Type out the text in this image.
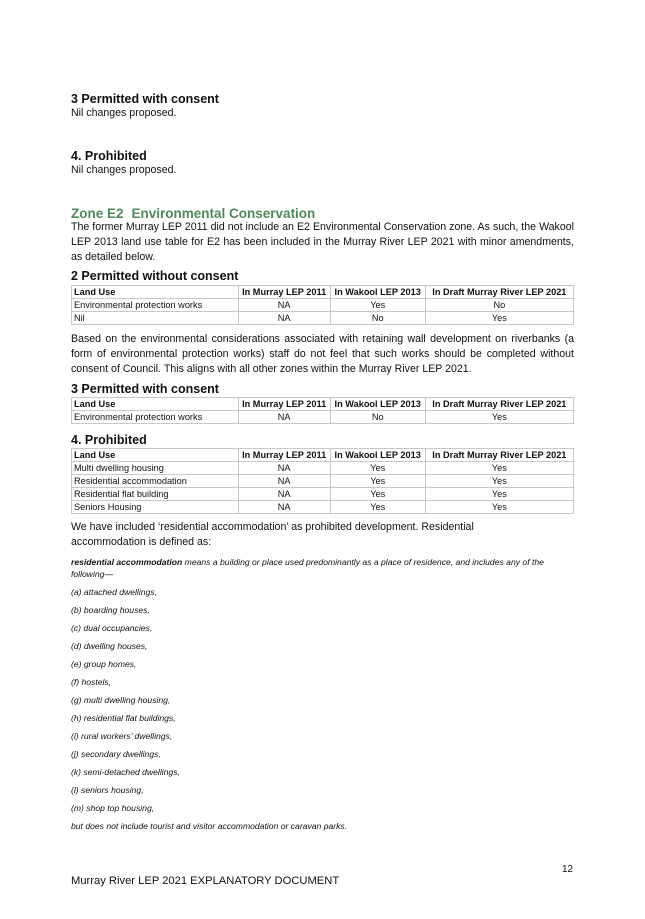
3 Permitted with consent

Nil changes proposed.

4. Prohibited

Nil changes proposed.

Zone E2 Environmental Conservation

The former Murray LEP 2011 did not include an E2 Environmental Conservation zone. As such, the Wakool LEP 2013 land use table for E2 has been included in the Murray River LEP 2021 with minor amendments, as detailed below.

2 Permitted without consent

Land Use	In Murray LEP 2011	In Wakool LEP 2013	In Draft Murray River LEP 2021
Environmental protection works	NA	Yes	No
Nil	NA	No	Yes

Based on the environmental considerations associated with retaining wall development on riverbanks (a form of environmental protection works) staff do not feel that such works should be completed without consent of Council. This aligns with all other zones within the Murray River LEP 2021.

3 Permitted with consent

Land Use	In Murray LEP 2011	In Wakool LEP 2013	In Draft Murray River LEP 2021
Environmental protection works	NA	No	Yes

4. Prohibited

Land Use	In Murray LEP 2011	In Wakool LEP 2013	In Draft Murray River LEP 2021
Multi dwelling housing	NA	Yes	Yes
Residential accommodation	NA	Yes	Yes
Residential flat building	NA	Yes	Yes
Seniors Housing	NA	Yes	Yes

We have included ‘residential accommodation’ as prohibited development. Residential accommodation is defined as:

residential accommodation means a building or place used predominantly as a place of residence, and includes any of the following—

(a) attached dwellings,

(b) boarding houses,

(c) dual occupancies,

(d) dwelling houses,

(e) group homes,

(f) hostels,

(g) multi dwelling housing,

(h) residential flat buildings,

(i) rural workers’ dwellings,

(j) secondary dwellings,

(k) semi-detached dwellings,

(l) seniors housing,

(m) shop top housing,

but does not include tourist and visitor accommodation or caravan parks.

12
Murray River LEP 2021 EXPLANATORY DOCUMENT
